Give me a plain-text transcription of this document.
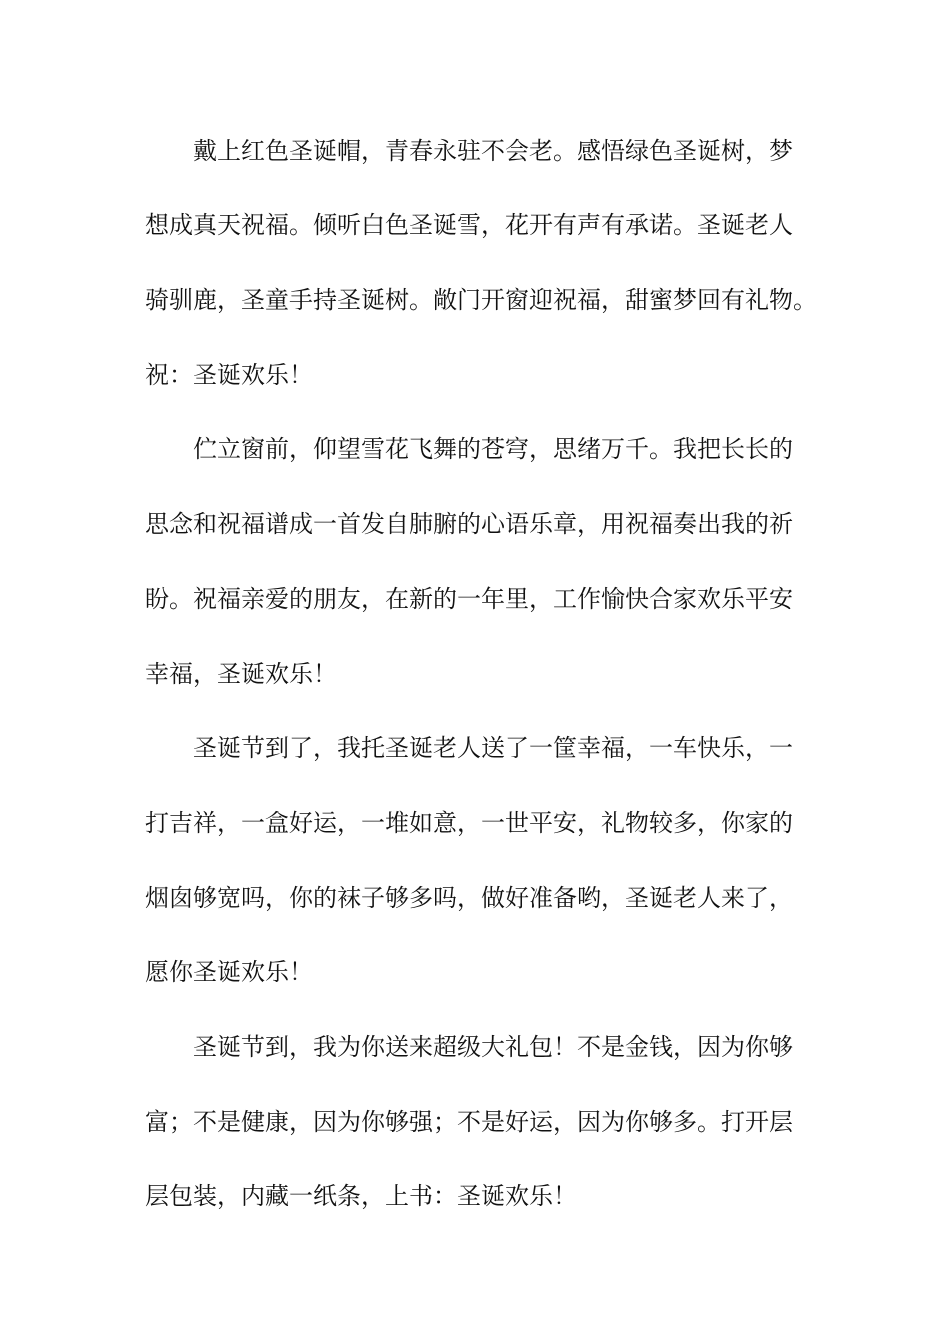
戴上红色圣诞帽，青春永驻不会老。感悟绿色圣诞树，梦

想成真天祝福。倾听白色圣诞雪，花开有声有承诺。圣诞老人

骑驯鹿，圣童手持圣诞树。敞门开窗迎祝福，甜蜜梦回有礼物。

祝：圣诞欢乐！

伫立窗前，仰望雪花飞舞的苍穹，思绪万千。我把长长的

思念和祝福谱成一首发自肺腑的心语乐章，用祝福奏出我的祈

盼。祝福亲爱的朋友，在新的一年里，工作愉快合家欢乐平安

幸福，圣诞欢乐！

圣诞节到了，我托圣诞老人送了一筐幸福，一车快乐，一

打吉祥，一盒好运，一堆如意，一世平安，礼物较多，你家的

烟囱够宽吗，你的袜子够多吗，做好准备哟，圣诞老人来了，

愿你圣诞欢乐！

圣诞节到，我为你送来超级大礼包！不是金钱，因为你够

富；不是健康，因为你够强；不是好运，因为你够多。打开层

层包装，内藏一纸条，上书：圣诞欢乐！
